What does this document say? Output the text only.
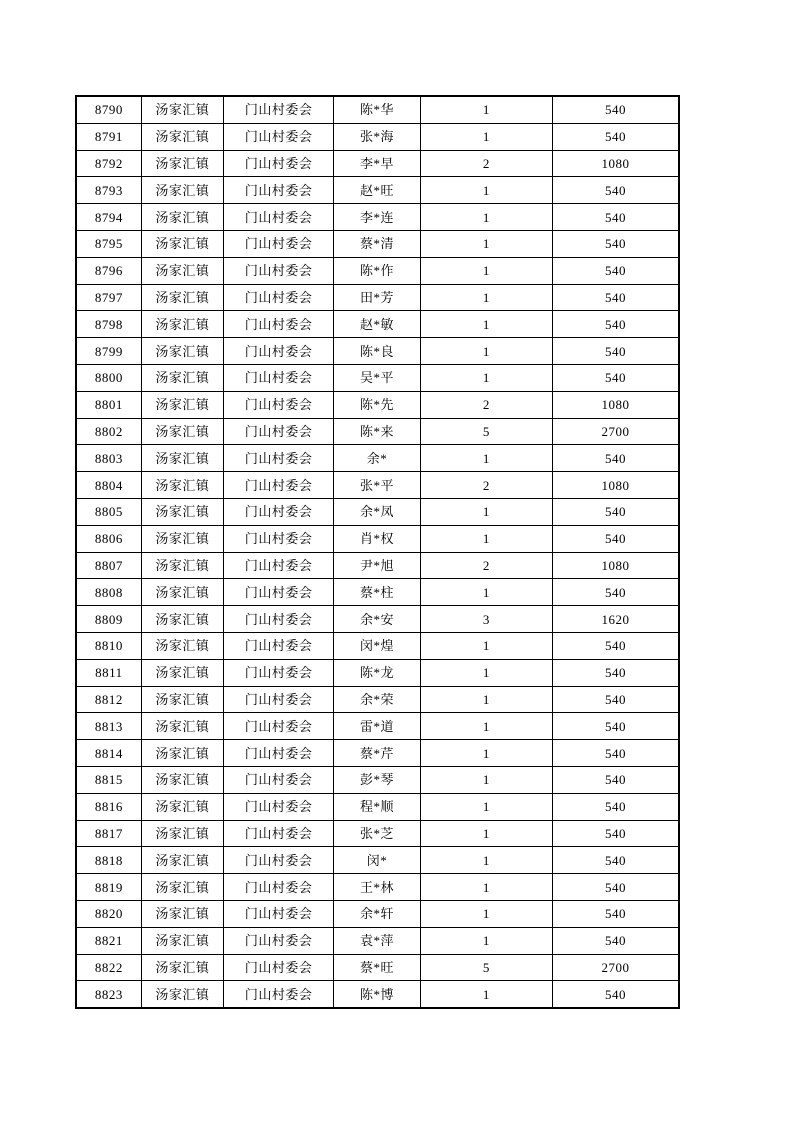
8790	汤家汇镇	门山村委会	陈*华	1	540
8791	汤家汇镇	门山村委会	张*海	1	540
8792	汤家汇镇	门山村委会	李*早	2	1080
8793	汤家汇镇	门山村委会	赵*旺	1	540
8794	汤家汇镇	门山村委会	李*连	1	540
8795	汤家汇镇	门山村委会	蔡*清	1	540
8796	汤家汇镇	门山村委会	陈*作	1	540
8797	汤家汇镇	门山村委会	田*芳	1	540
8798	汤家汇镇	门山村委会	赵*敏	1	540
8799	汤家汇镇	门山村委会	陈*良	1	540
8800	汤家汇镇	门山村委会	吴*平	1	540
8801	汤家汇镇	门山村委会	陈*先	2	1080
8802	汤家汇镇	门山村委会	陈*来	5	2700
8803	汤家汇镇	门山村委会	余*	1	540
8804	汤家汇镇	门山村委会	张*平	2	1080
8805	汤家汇镇	门山村委会	余*凤	1	540
8806	汤家汇镇	门山村委会	肖*权	1	540
8807	汤家汇镇	门山村委会	尹*旭	2	1080
8808	汤家汇镇	门山村委会	蔡*柱	1	540
8809	汤家汇镇	门山村委会	余*安	3	1620
8810	汤家汇镇	门山村委会	闵*煌	1	540
8811	汤家汇镇	门山村委会	陈*龙	1	540
8812	汤家汇镇	门山村委会	余*荣	1	540
8813	汤家汇镇	门山村委会	雷*道	1	540
8814	汤家汇镇	门山村委会	蔡*芹	1	540
8815	汤家汇镇	门山村委会	彭*琴	1	540
8816	汤家汇镇	门山村委会	程*顺	1	540
8817	汤家汇镇	门山村委会	张*芝	1	540
8818	汤家汇镇	门山村委会	闵*	1	540
8819	汤家汇镇	门山村委会	王*林	1	540
8820	汤家汇镇	门山村委会	余*轩	1	540
8821	汤家汇镇	门山村委会	袁*萍	1	540
8822	汤家汇镇	门山村委会	蔡*旺	5	2700
8823	汤家汇镇	门山村委会	陈*博	1	540
